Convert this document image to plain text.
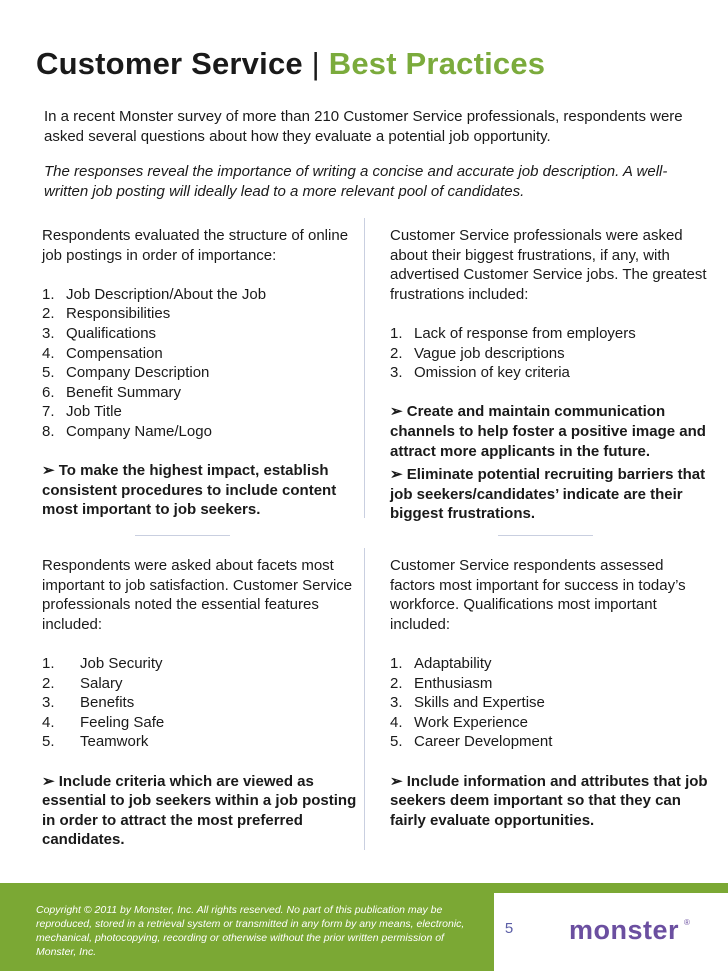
Customer Service | Best Practices

In a recent Monster survey of more than 210 Customer Service professionals, respondents were asked several questions about how they evaluate a potential job opportunity.

The responses reveal the importance of writing a concise and accurate job description. A well-written job posting will ideally lead to a more relevant pool of candidates.

Respondents evaluated the structure of online job postings in order of importance:

1. Job Description/About the Job
2. Responsibilities
3. Qualifications
4. Compensation
5. Company Description
6. Benefit Summary
7. Job Title
8. Company Name/Logo

➢ To make the highest impact, establish consistent procedures to include content most important to job seekers.

Customer Service professionals were asked about their biggest frustrations, if any, with advertised Customer Service jobs. The greatest frustrations included:

1. Lack of response from employers
2. Vague job descriptions
3. Omission of key criteria

➢ Create and maintain communication channels to help foster a positive image and attract more applicants in the future.

➢ Eliminate potential recruiting barriers that job seekers/candidates’ indicate are their biggest frustrations.

Respondents were asked about facets most important to job satisfaction. Customer Service professionals noted the essential features included:

1. Job Security
2. Salary
3. Benefits
4. Feeling Safe
5. Teamwork

➢ Include criteria which are viewed as essential to job seekers within a job posting in order to attract the most preferred candidates.

Customer Service respondents assessed factors most important for success in today’s workforce. Qualifications most important included:

1. Adaptability
2. Enthusiasm
3. Skills and Expertise
4. Work Experience
5. Career Development

➢ Include information and attributes that job seekers deem important so that they can fairly evaluate opportunities.

Copyright © 2011 by Monster, Inc. All rights reserved. No part of this publication may be reproduced, stored in a retrieval system or transmitted in any form by any means, electronic, mechanical, photocopying, recording or otherwise without the prior written permission of Monster, Inc.

5 monster ®
